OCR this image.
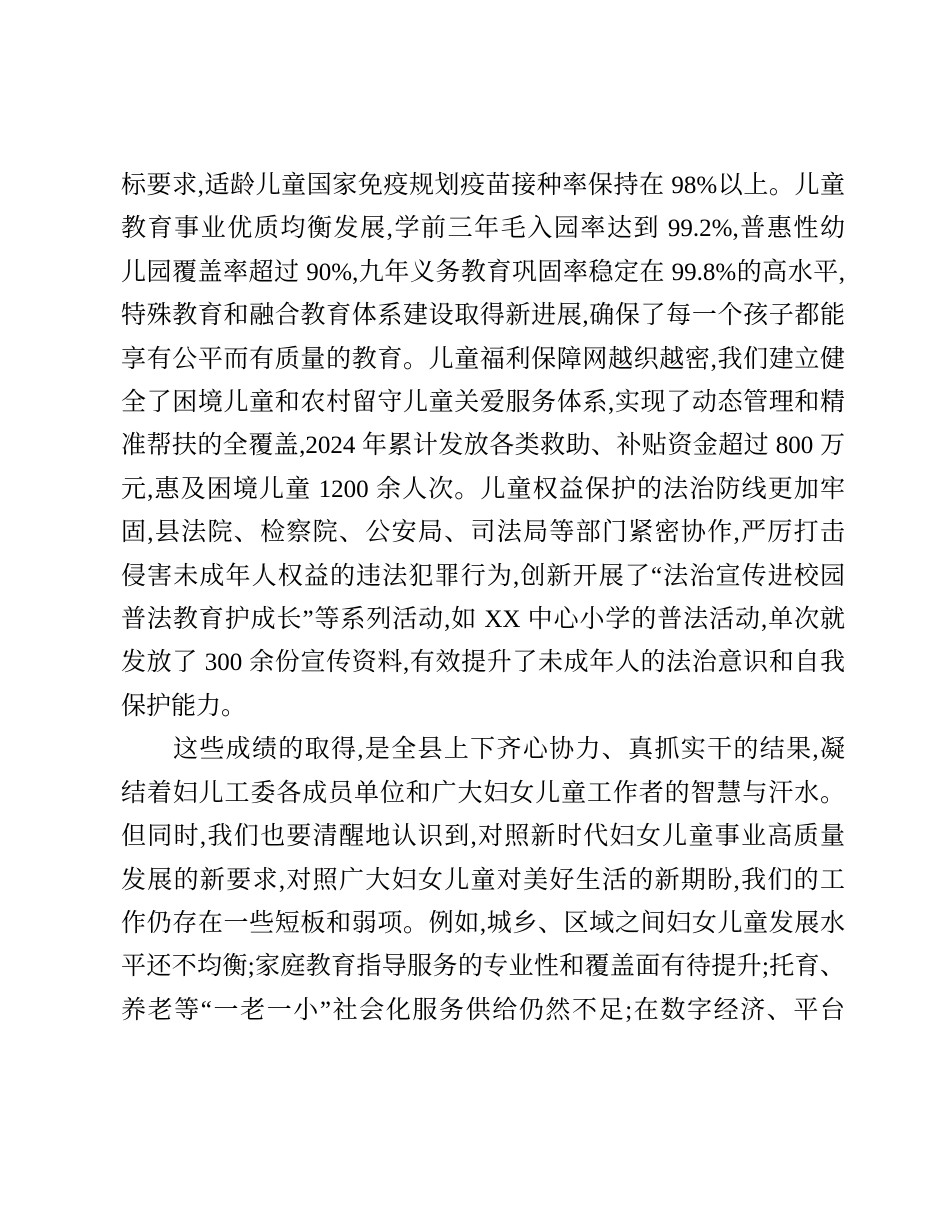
标要求,适龄儿童国家免疫规划疫苗接种率保持在 98%以上。儿童
教育事业优质均衡发展,学前三年毛入园率达到 99.2%,普惠性幼
儿园覆盖率超过 90%,九年义务教育巩固率稳定在 99.8%的高水平,
特殊教育和融合教育体系建设取得新进展,确保了每一个孩子都能
享有公平而有质量的教育。儿童福利保障网越织越密,我们建立健
全了困境儿童和农村留守儿童关爱服务体系,实现了动态管理和精
准帮扶的全覆盖,2024 年累计发放各类救助、补贴资金超过 800 万
元,惠及困境儿童 1200 余人次。儿童权益保护的法治防线更加牢
固,县法院、检察院、公安局、司法局等部门紧密协作,严厉打击
侵害未成年人权益的违法犯罪行为,创新开展了“法治宣传进校园
普法教育护成长”等系列活动,如 XX 中心小学的普法活动,单次就
发放了 300 余份宣传资料,有效提升了未成年人的法治意识和自我
保护能力。
这些成绩的取得,是全县上下齐心协力、真抓实干的结果,凝
结着妇儿工委各成员单位和广大妇女儿童工作者的智慧与汗水。
但同时,我们也要清醒地认识到,对照新时代妇女儿童事业高质量
发展的新要求,对照广大妇女儿童对美好生活的新期盼,我们的工
作仍存在一些短板和弱项。例如,城乡、区域之间妇女儿童发展水
平还不均衡;家庭教育指导服务的专业性和覆盖面有待提升;托育、
养老等“一老一小”社会化服务供给仍然不足;在数字经济、平台
